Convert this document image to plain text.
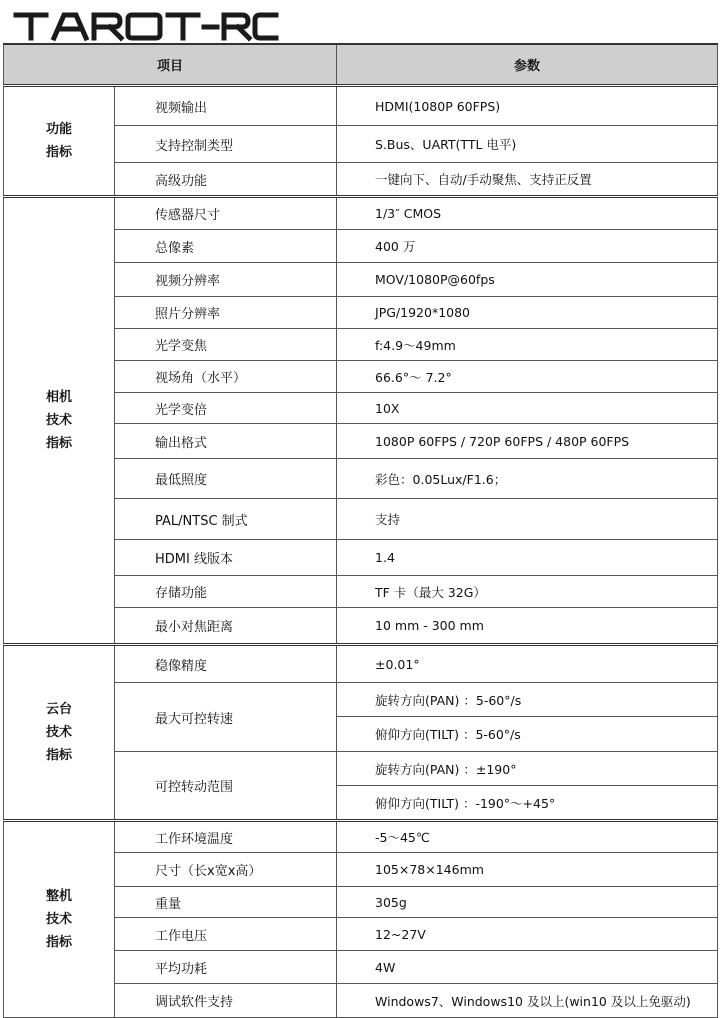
项目		参数

功能
指标	视频输出	HDMI(1080P 60FPS)
	支持控制类型	S.Bus、UART(TTL 电平)
	高级功能	一键向下、自动/手动聚焦、支持正反置

相机
技术
指标	传感器尺寸	1/3″ CMOS
	总像素	400 万
	视频分辨率	MOV/1080P@60fps
	照片分辨率	JPG/1920*1080
	光学变焦	f:4.9～49mm
	视场角（水平）	66.6°～ 7.2°
	光学变倍	10X
	输出格式	1080P 60FPS / 720P 60FPS / 480P 60FPS
	最低照度	彩色：0.05Lux/F1.6；
	PAL/NTSC 制式	支持
	HDMI 线版本	1.4
	存储功能	TF 卡（最大 32G）
	最小对焦距离	10 mm - 300 mm

云台
技术
指标	稳像精度	±0.01°
	最大可控转速	旋转方向(PAN) ：5-60°/s
		俯仰方向(TILT) ：5-60°/s
	可控转动范围	旋转方向(PAN) ：±190°
		俯仰方向(TILT) ：-190°～+45°

整机
技术
指标	工作环境温度	-5～45℃
	尺寸（长x宽x高）	105×78×146mm
	重量	305g
	工作电压	12~27V
	平均功耗	4W
	调试软件支持	Windows7、Windows10 及以上(win10 及以上免驱动)
